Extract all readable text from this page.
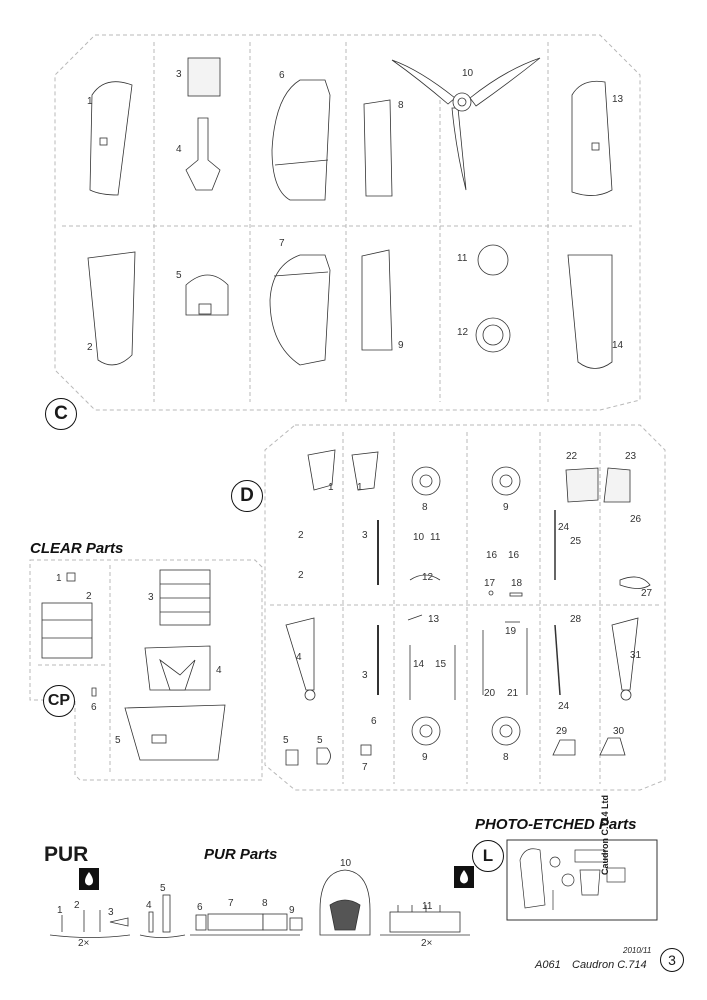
1
2
3
4
5
6
7
8
9
10
11
12
13
14
C
D	1 1
2
2
3
8	9
22	23
24
25
26
10 11
12
16 16
17 18
27
4
13
19
28
3
14 15
20 21
24
31
6
5	5
7
9	8
29	30
CLEAR Parts
1
2	3
4
6
5
CP
PUR	PUR Parts
1 2
3
5
4	6	7	8
9
10
11
2×	2×
PHOTO-ETCHED Parts
L	Caudron C.714 Ltd
2010/11
A061 Caudron C.714	3
